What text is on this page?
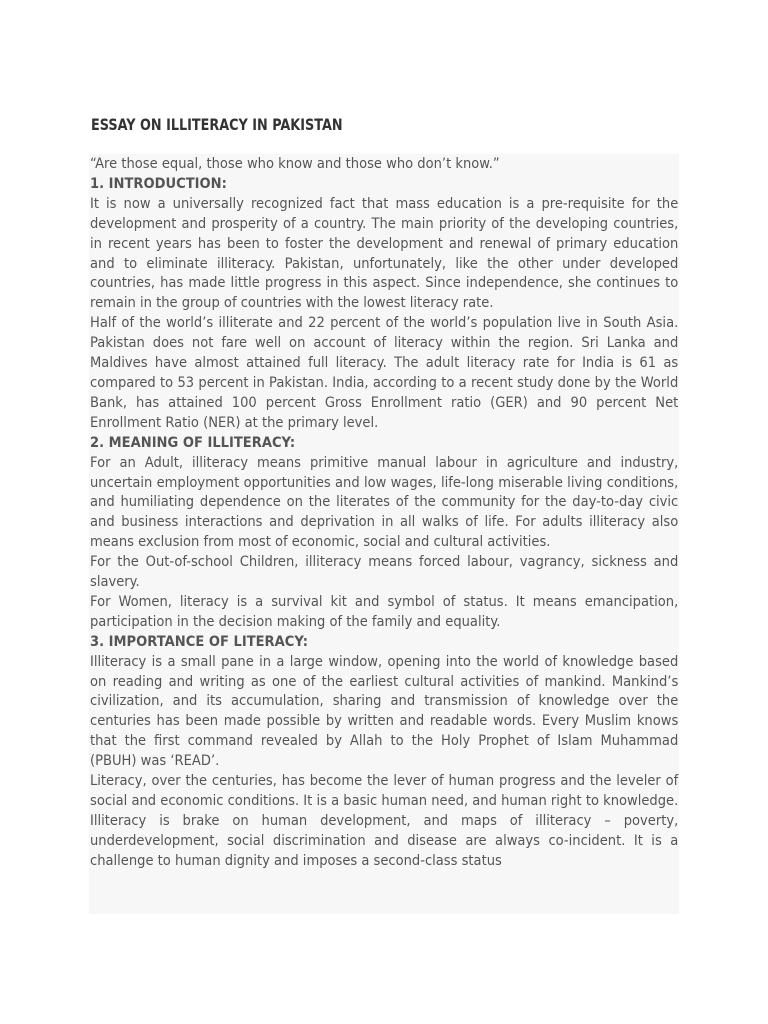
ESSAY ON ILLITERACY IN PAKISTAN

“Are those equal, those who know and those who don’t know.”

1. INTRODUCTION:

It is now a universally recognized fact that mass education is a pre-requisite for the development and prosperity of a country. The main priority of the developing countries, in recent years has been to foster the development and renewal of primary education and to eliminate illiteracy. Pakistan, unfortunately, like the other under developed countries, has made little progress in this aspect. Since independence, she continues to remain in the group of countries with the lowest literacy rate.

Half of the world’s illiterate and 22 percent of the world’s population live in South Asia. Pakistan does not fare well on account of literacy within the region. Sri Lanka and Maldives have almost attained full literacy. The adult literacy rate for India is 61 as compared to 53 percent in Pakistan. India, according to a recent study done by the World Bank, has attained 100 percent Gross Enrollment ratio (GER) and 90 percent Net Enrollment Ratio (NER) at the primary level.

2. MEANING OF ILLITERACY:

For an Adult, illiteracy means primitive manual labour in agriculture and industry, uncertain employment opportunities and low wages, life-long miserable living conditions, and humiliating dependence on the literates of the community for the day-to-day civic and business interactions and deprivation in all walks of life. For adults illiteracy also means exclusion from most of economic, social and cultural activities.

For the Out-of-school Children, illiteracy means forced labour, vagrancy, sickness and slavery.

For Women, literacy is a survival kit and symbol of status. It means emancipation, participation in the decision making of the family and equality.

3. IMPORTANCE OF LITERACY:

Illiteracy is a small pane in a large window, opening into the world of knowledge based on reading and writing as one of the earliest cultural activities of mankind. Mankind’s civilization, and its accumulation, sharing and transmission of knowledge over the centuries has been made possible by written and readable words. Every Muslim knows that the first command revealed by Allah to the Holy Prophet of Islam Muhammad (PBUH) was ‘READ’.

Literacy, over the centuries, has become the lever of human progress and the leveler of social and economic conditions. It is a basic human need, and human right to knowledge. Illiteracy is brake on human development, and maps of illiteracy – poverty, underdevelopment, social discrimination and disease are always co-incident. It is a challenge to human dignity and imposes a second-class status
